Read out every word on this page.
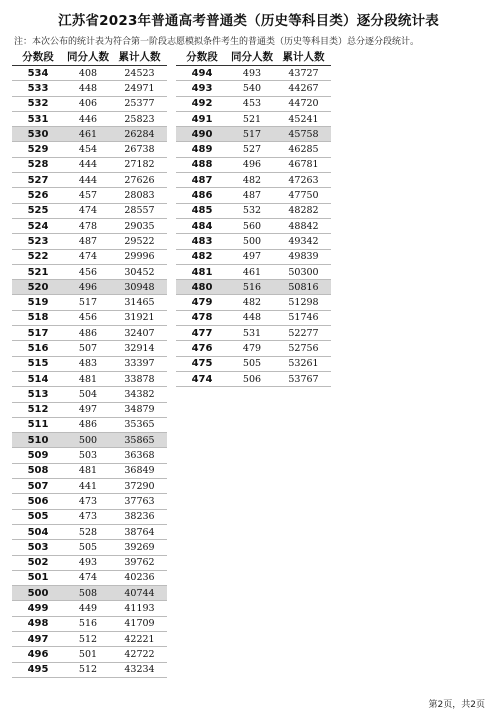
江苏省2023年普通高考普通类（历史等科目类）逐分段统计表
注：本次公布的统计表为符合第一阶段志愿模拟条件考生的普通类（历史等科目类）总分逐分段统计。
分数段	同分人数 累计人数
534	408	24523
533	448	24971
532	406	25377
531	446	25823
530	461	26284
529	454	26738
528	444	27182
527	444	27626
526	457	28083
525	474	28557
524	478	29035
523	487	29522
522	474	29996
521	456	30452
520	496	30948
519	517	31465
518	456	31921
517	486	32407
516	507	32914
515	483	33397
514	481	33878
513	504	34382
512	497	34879
511	486	35365
510	500	35865
509	503	36368
508	481	36849
507	441	37290
506	473	37763
505	473	38236
504	528	38764
503	505	39269
502	493	39762
501	474	40236
500	508	40744
499	449	41193
498	516	41709
497	512	42221
496	501	42722
495	512	43234
分数段	同分人数 累计人数
494	493	43727
493	540	44267
492	453	44720
491	521	45241
490	517	45758
489	527	46285
488	496	46781
487	482	47263
486	487	47750
485	532	48282
484	560	48842
483	500	49342
482	497	49839
481	461	50300
480	516	50816
479	482	51298
478	448	51746
477	531	52277
476	479	52756
475	505	53261
474	506	53767
第2页，共2页
